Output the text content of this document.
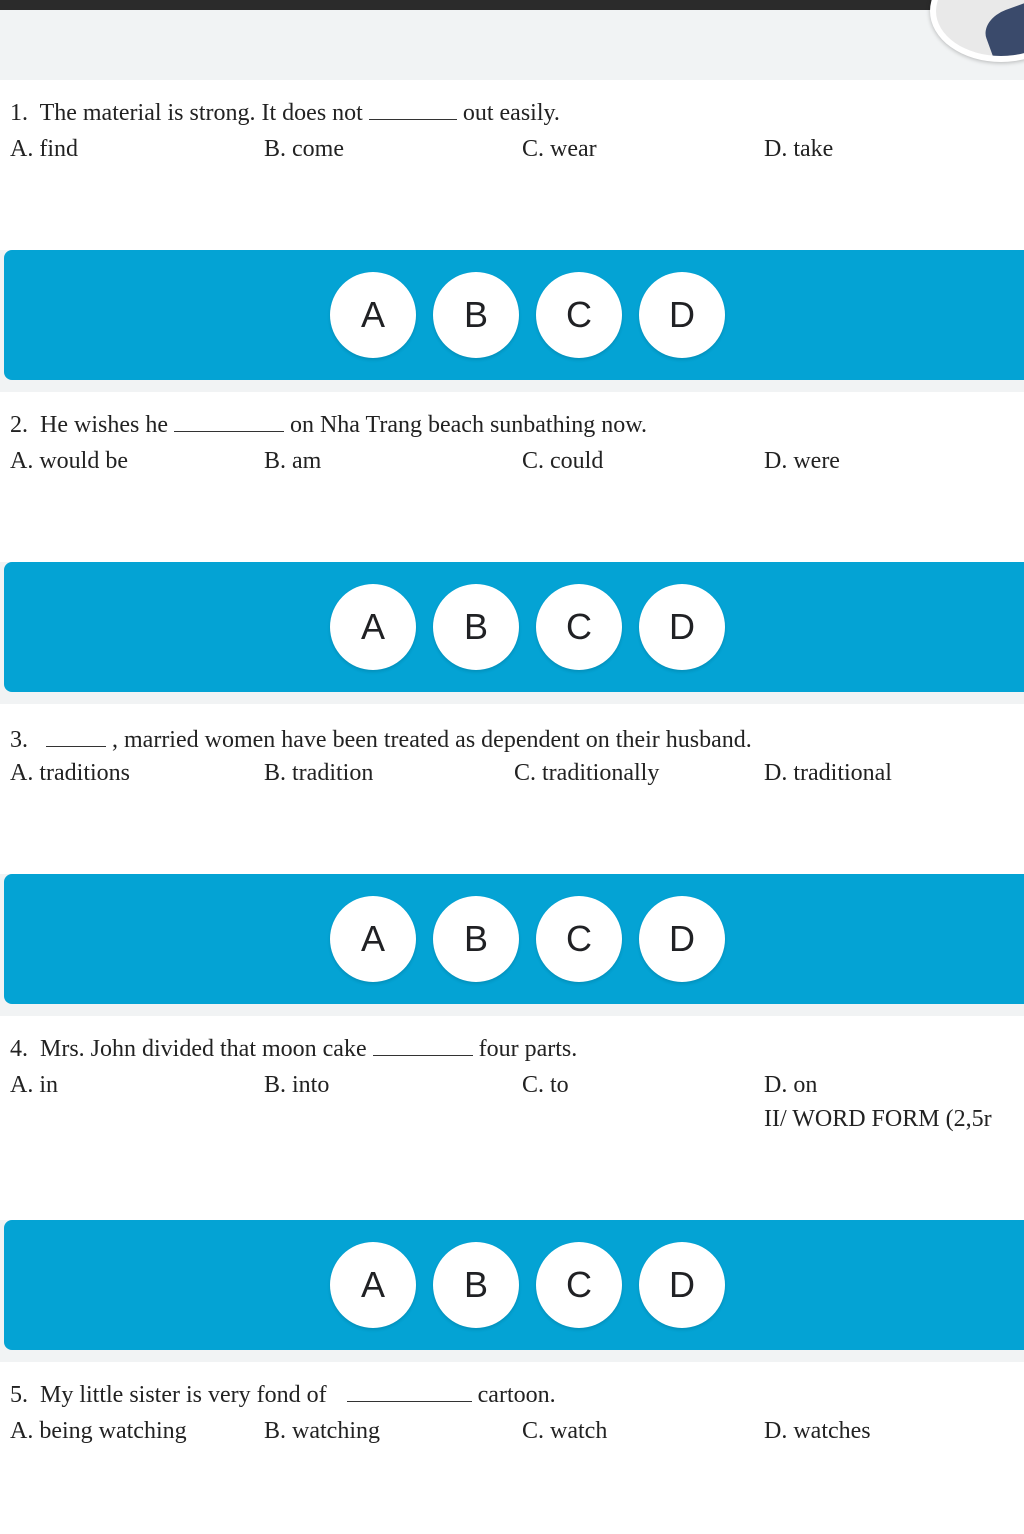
1. The material is strong. It does not	out easily.
A. find	B. come	C. wear	D. take
A	B	C	D
2. He wishes he	on Nha Trang beach sunbathing now.
A. would be	B. am	C. could	D. were
A	B	C	D
3.	, married women have been treated as dependent on their husband.
A. traditions	B. tradition	C. traditionally	D. traditional
A	B	C	D
4. Mrs. John divided that moon cake	four parts.
A. in	B. into	C. to	D. on
II/ WORD FORM (2,5r
A	B	C	D
5. My little sister is very fond of	cartoon.
A. being watching	B. watching	C. watch	D. watches
